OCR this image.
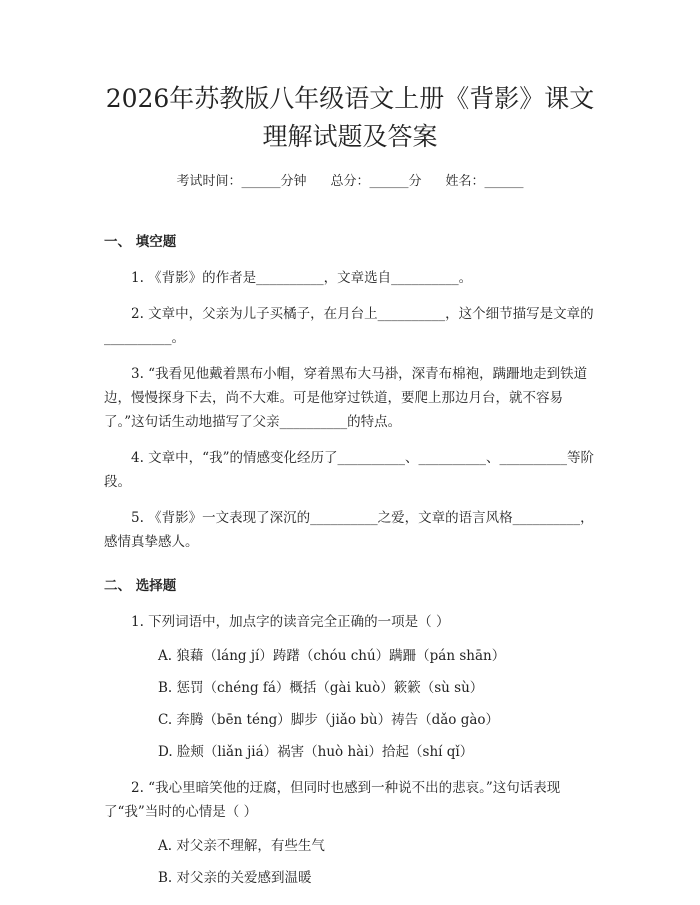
2026年苏教版八年级语文上册《背影》课文
理解试题及答案
考试时间：______分钟 总分：______分 姓名：______
一、 填空题
1. 《背影》的作者是__________，文章选自__________。
2. 文章中，父亲为儿子买橘子，在月台上__________，这个细节描写是文章的__________。
3. “我看见他戴着黑布小帽，穿着黑布大马褂，深青布棉袍，蹒跚地走到铁道边，慢慢探身下去，尚不大难。可是他穿过铁道，要爬上那边月台，就不容易了。”这句话生动地描写了父亲__________的特点。
4. 文章中，“我”的情感变化经历了__________、__________、__________等阶段。
5. 《背影》一文表现了深沉的__________之爱，文章的语言风格__________，感情真挚感人。
二、 选择题
1. 下列词语中，加点字的读音完全正确的一项是（ ）
A. 狼藉（láng jí）踌躇（chóu chú）蹒跚（pán shān）
B. 惩罚（chéng fá）概括（gài kuò）簌簌（sù sù）
C. 奔腾（bēn téng）脚步（jiǎo bù）祷告（dǎo gào）
D. 脸颊（liǎn jiá）祸害（huò hài）拾起（shí qǐ）
2. “我心里暗笑他的迂腐，但同时也感到一种说不出的悲哀。”这句话表现了“我”当时的心情是（ ）
A. 对父亲不理解，有些生气
B. 对父亲的关爱感到温暖
